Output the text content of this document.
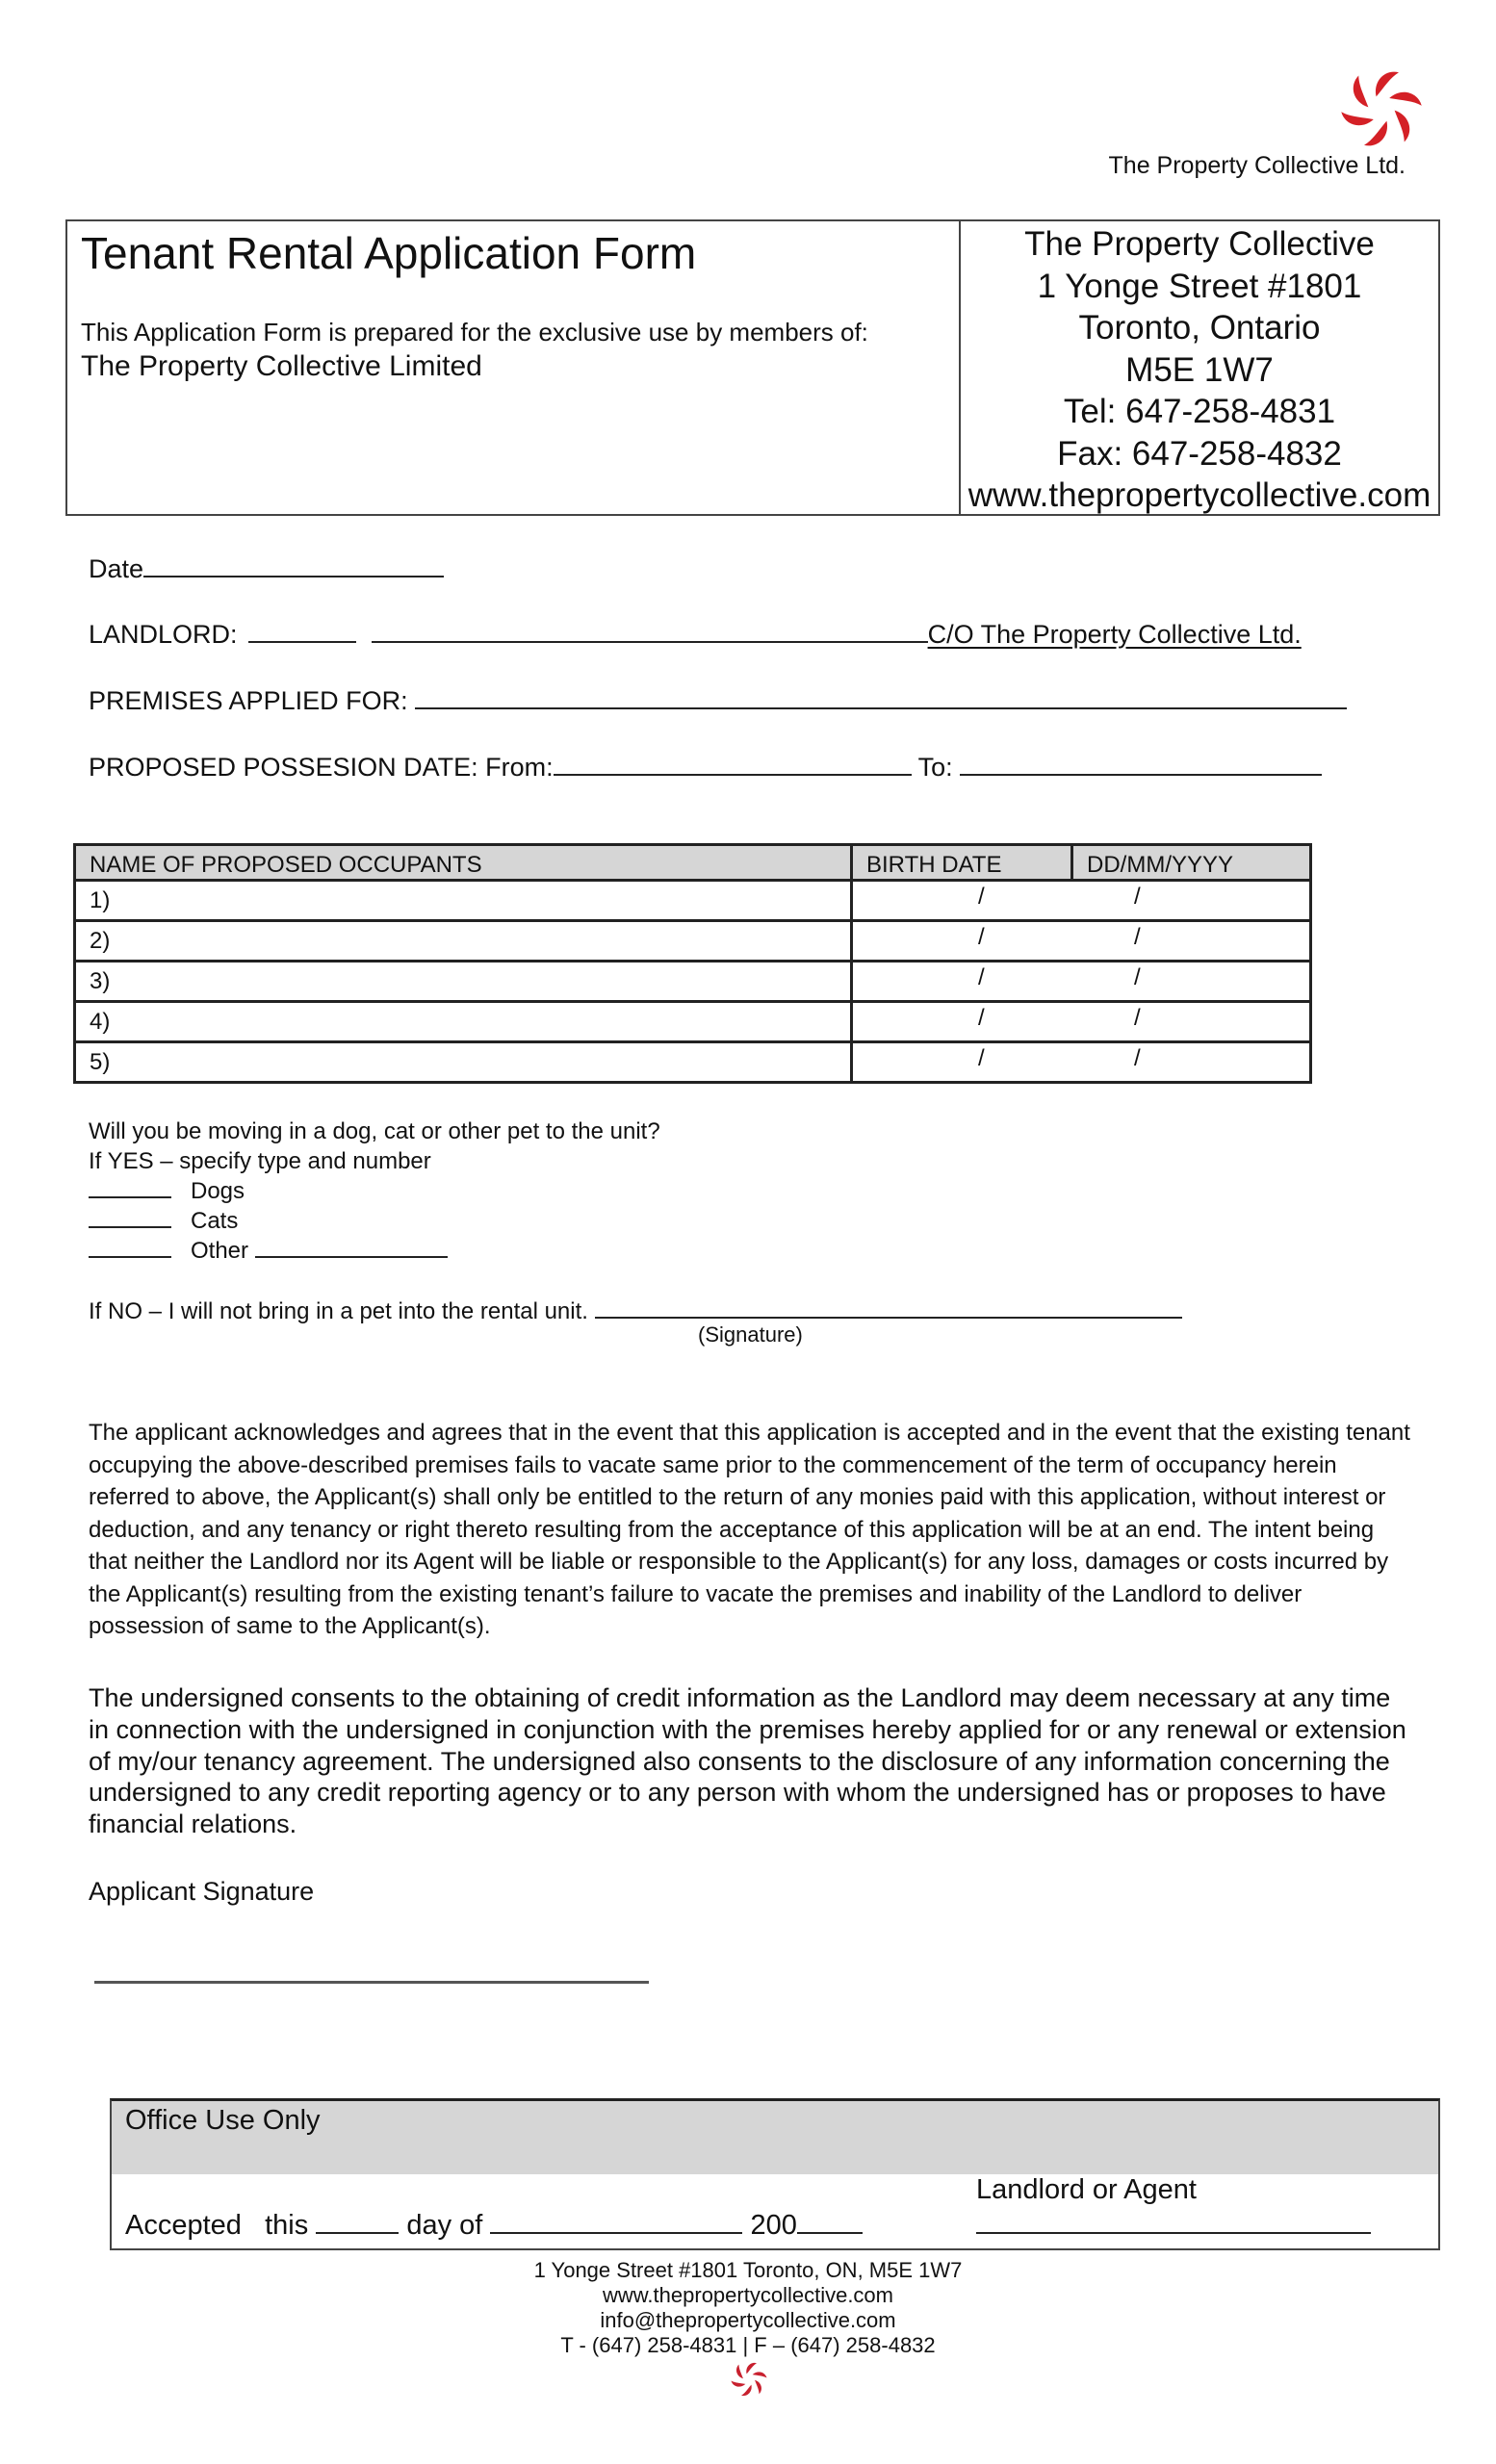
The Property Collective Ltd.
Tenant Rental Application Form
This Application Form is prepared for the exclusive use by members of:
The Property Collective Limited
The Property Collective
1 Yonge Street #1801
Toronto, Ontario
M5E 1W7
Tel: 647-258-4831
Fax: 647-258-4832
www.thepropertycollective.com
Date
LANDLORD:	C/O The Property Collective Ltd.
PREMISES APPLIED FOR:
PROPOSED POSSESION DATE: From:	To:
NAME OF PROPOSED OCCUPANTS	BIRTH DATE	DD/MM/YYYY
1)	/ /	

2)	/ /	

3)	/ /	

4)	/ /	

5)	/ /	
Will you be moving in a dog, cat or other pet to the unit?
If YES – specify type and number
Dogs
Cats
Other
If NO – I will not bring in a pet into the rental unit.
(Signature)
The applicant acknowledges and agrees that in the event that this application is accepted and in the event that the existing tenant occupying the above-described premises fails to vacate same prior to the commencement of the term of occupancy herein referred to above, the Applicant(s) shall only be entitled to the return of any monies paid with this application, without interest or deduction, and any tenancy or right thereto resulting from the acceptance of this application will be at an end. The intent being that neither the Landlord nor its Agent will be liable or responsible to the Applicant(s) for any loss, damages or costs incurred by the Applicant(s) resulting from the existing tenant’s failure to vacate the premises and inability of the Landlord to deliver possession of same to the Applicant(s).
The undersigned consents to the obtaining of credit information as the Landlord may deem necessary at any time in connection with the undersigned in conjunction with the premises hereby applied for or any renewal or extension of my/our tenancy agreement. The undersigned also consents to the disclosure of any information concerning the undersigned to any credit reporting agency or to any person with whom the undersigned has or proposes to have financial relations.
Applicant Signature
Office Use Only
Accepted this	day of	200
Landlord or Agent
1 Yonge Street #1801 Toronto, ON, M5E 1W7
www.thepropertycollective.com
info@thepropertycollective.com
T - (647) 258-4831 | F – (647) 258-4832
